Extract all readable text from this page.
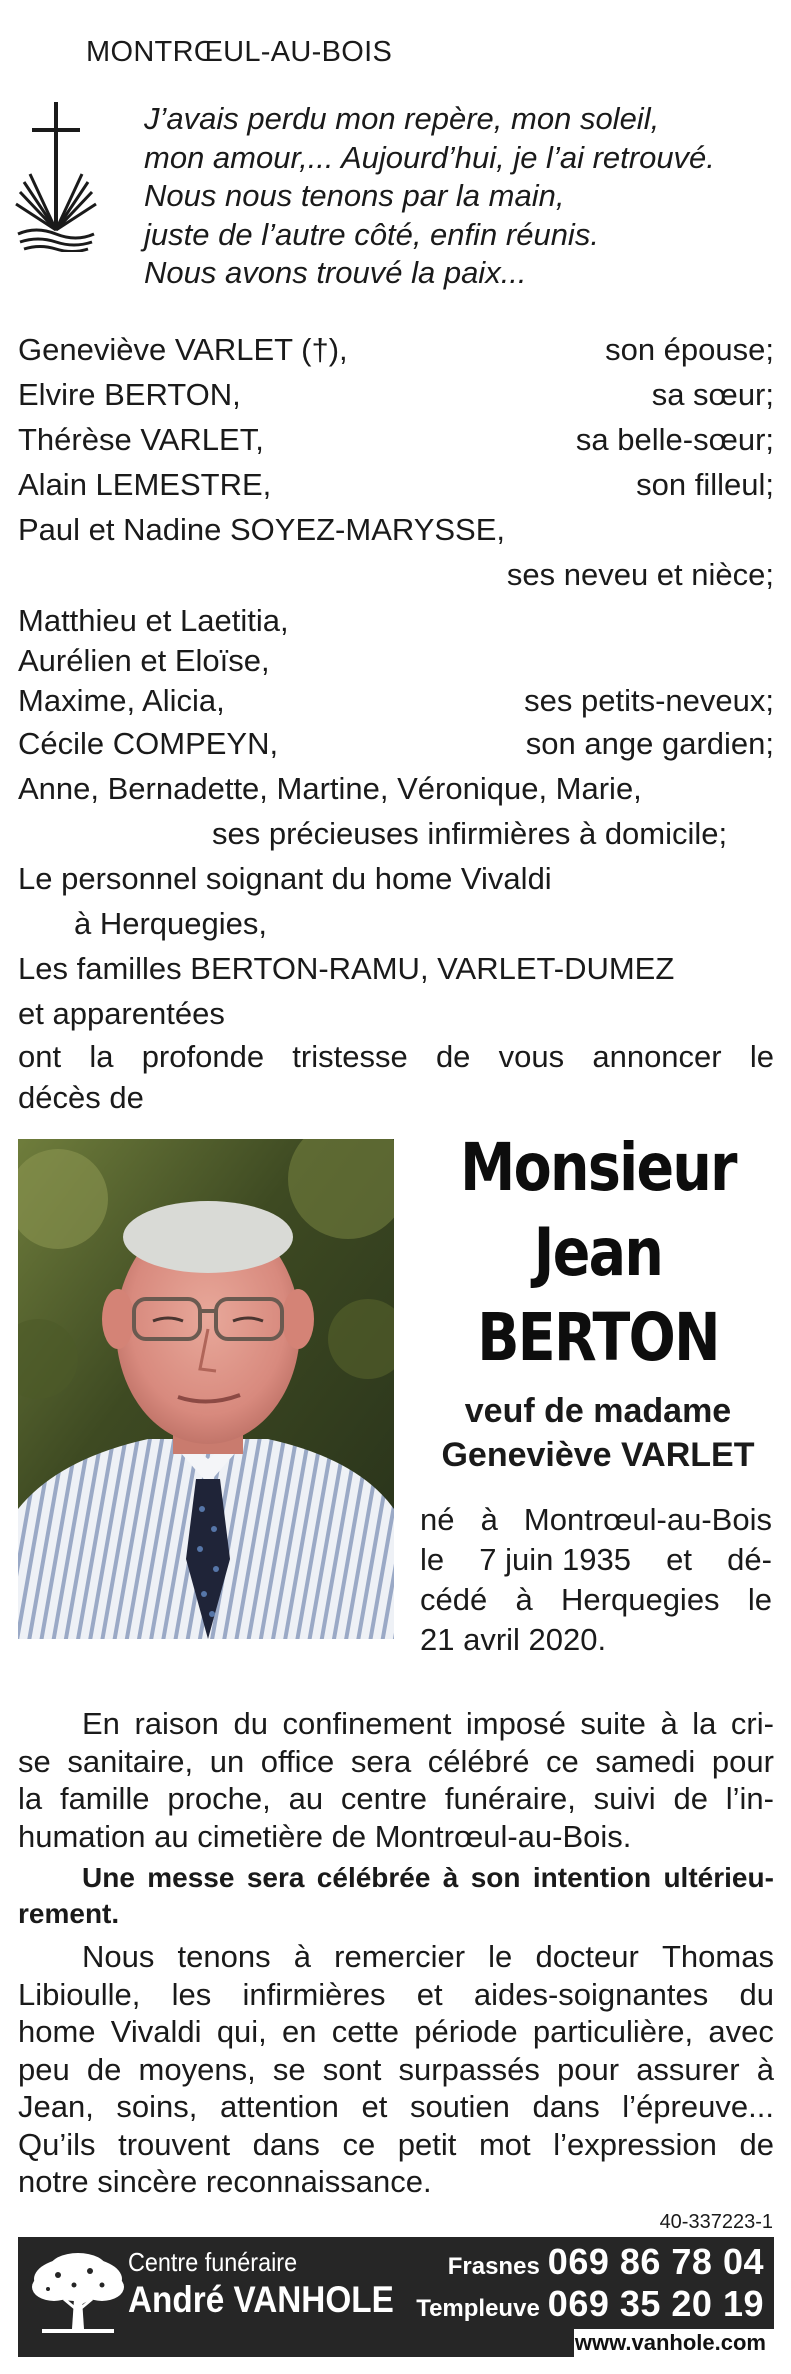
MONTRŒUL-AU-BOIS
J’avais perdu mon repère, mon soleil,
mon amour,... Aujourd’hui, je l’ai retrouvé.
Nous nous tenons par la main,
juste de l’autre côté, enfin réunis.
Nous avons trouvé la paix...
Geneviève VARLET (†),	son épouse;
Elvire BERTON,	sa sœur;
Thérèse VARLET,	sa belle-sœur;
Alain LEMESTRE,	son filleul;
Paul et Nadine SOYEZ-MARYSSE,
ses neveu et nièce;
Matthieu et Laetitia,
Aurélien et Eloïse,
Maxime, Alicia,	ses petits-neveux;
Cécile COMPEYN,	son ange gardien;
Anne, Bernadette, Martine, Véronique, Marie,
ses précieuses infirmières à domicile;
Le personnel soignant du home Vivaldi
à Herquegies,
Les familles BERTON-RAMU, VARLET-DUMEZ
et apparentées
ont la profonde tristesse de vous annoncer le
décès de
Monsieur
Jean
BERTON
veuf de madame
Geneviève VARLET
né à Montrœul-au-Bois
le 7 juin 1935 et dé-
cédé à Herquegies le
21 avril 2020.
En raison du confinement imposé suite à la cri-
se sanitaire, un office sera célébré ce samedi pour
la famille proche, au centre funéraire, suivi de l’in-
humation au cimetière de Montrœul-au-Bois.
Une messe sera célébrée à son intention ultérieu-
rement.
Nous tenons à remercier le docteur Thomas
Libioulle, les infirmières et aides-soignantes du
home Vivaldi qui, en cette période particulière, avec
peu de moyens, se sont surpassés pour assurer à
Jean, soins, attention et soutien dans l’épreuve...
Qu’ils trouvent dans ce petit mot l’expression de
notre sincère reconnaissance.
40-337223-1
Centre funéraire
André VANHOLE
Frasnes 069 86 78 04
Templeuve 069 35 20 19
www.vanhole.com
